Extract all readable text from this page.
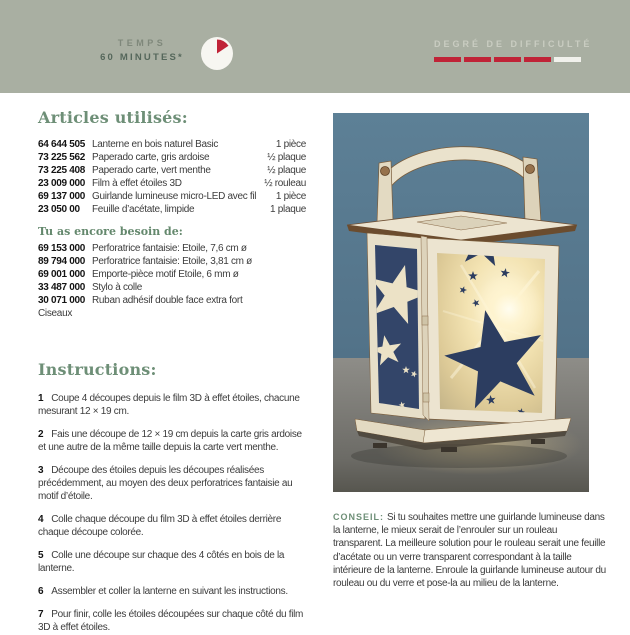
TEMPS
60 MINUTES*
DEGRÉ DE DIFFICULTÉ
Articles utilisés:
64 644 505 Lanterne en bois naturel Basic	1 pièce
73 225 562 Paperado carte, gris ardoise	½ plaque
73 225 408 Paperado carte, vert menthe	½ plaque
23 009 000 Film à effet étoiles 3D	½ rouleau
69 137 000 Guirlande lumineuse micro-LED avec fil	1 pièce
23 050 00	Feuille d’acétate, limpide	1 plaque
Tu as encore besoin de:
69 153 000 Perforatrice fantaisie: Etoile, 7,6 cm ø
89 794 000 Perforatrice fantaisie: Etoile, 3,81 cm ø
69 001 000 Emporte-pièce motif Etoile, 6 mm ø
33 487 000 Stylo à colle
30 071 000 Ruban adhésif double face extra fort
Ciseaux
Instructions:

1 Coupe 4 découpes depuis le film 3D à effet étoiles, chacune mesurant 12 × 19 cm.

2 Fais une découpe de 12 × 19 cm depuis la carte gris ardoise et une autre de la même taille depuis la carte vert menthe.

3 Découpe des étoiles depuis les découpes réalisées précédemment, au moyen des deux perforatrices fantaisie au motif d’étoile.

4 Colle chaque découpe du film 3D à effet étoiles derrière chaque découpe colorée.

5 Colle une découpe sur chaque des 4 côtés en bois de la lanterne.

6 Assembler et coller la lanterne en suivant les instructions.

7 Pour finir, colle les étoiles découpées sur chaque côté du film 3D à effet étoiles.

CONSEIL: Si tu souhaites mettre une guirlande lumineuse dans la lanterne, le mieux serait de l’enrouler sur un rouleau transparent. La meilleure solution pour le rouleau serait une feuille d’acétate ou un verre transparent correspondant à la taille intérieure de la lanterne. Enroule la guirlande lumineuse autour du rouleau ou du verre et pose-la au milieu de la lanterne.
